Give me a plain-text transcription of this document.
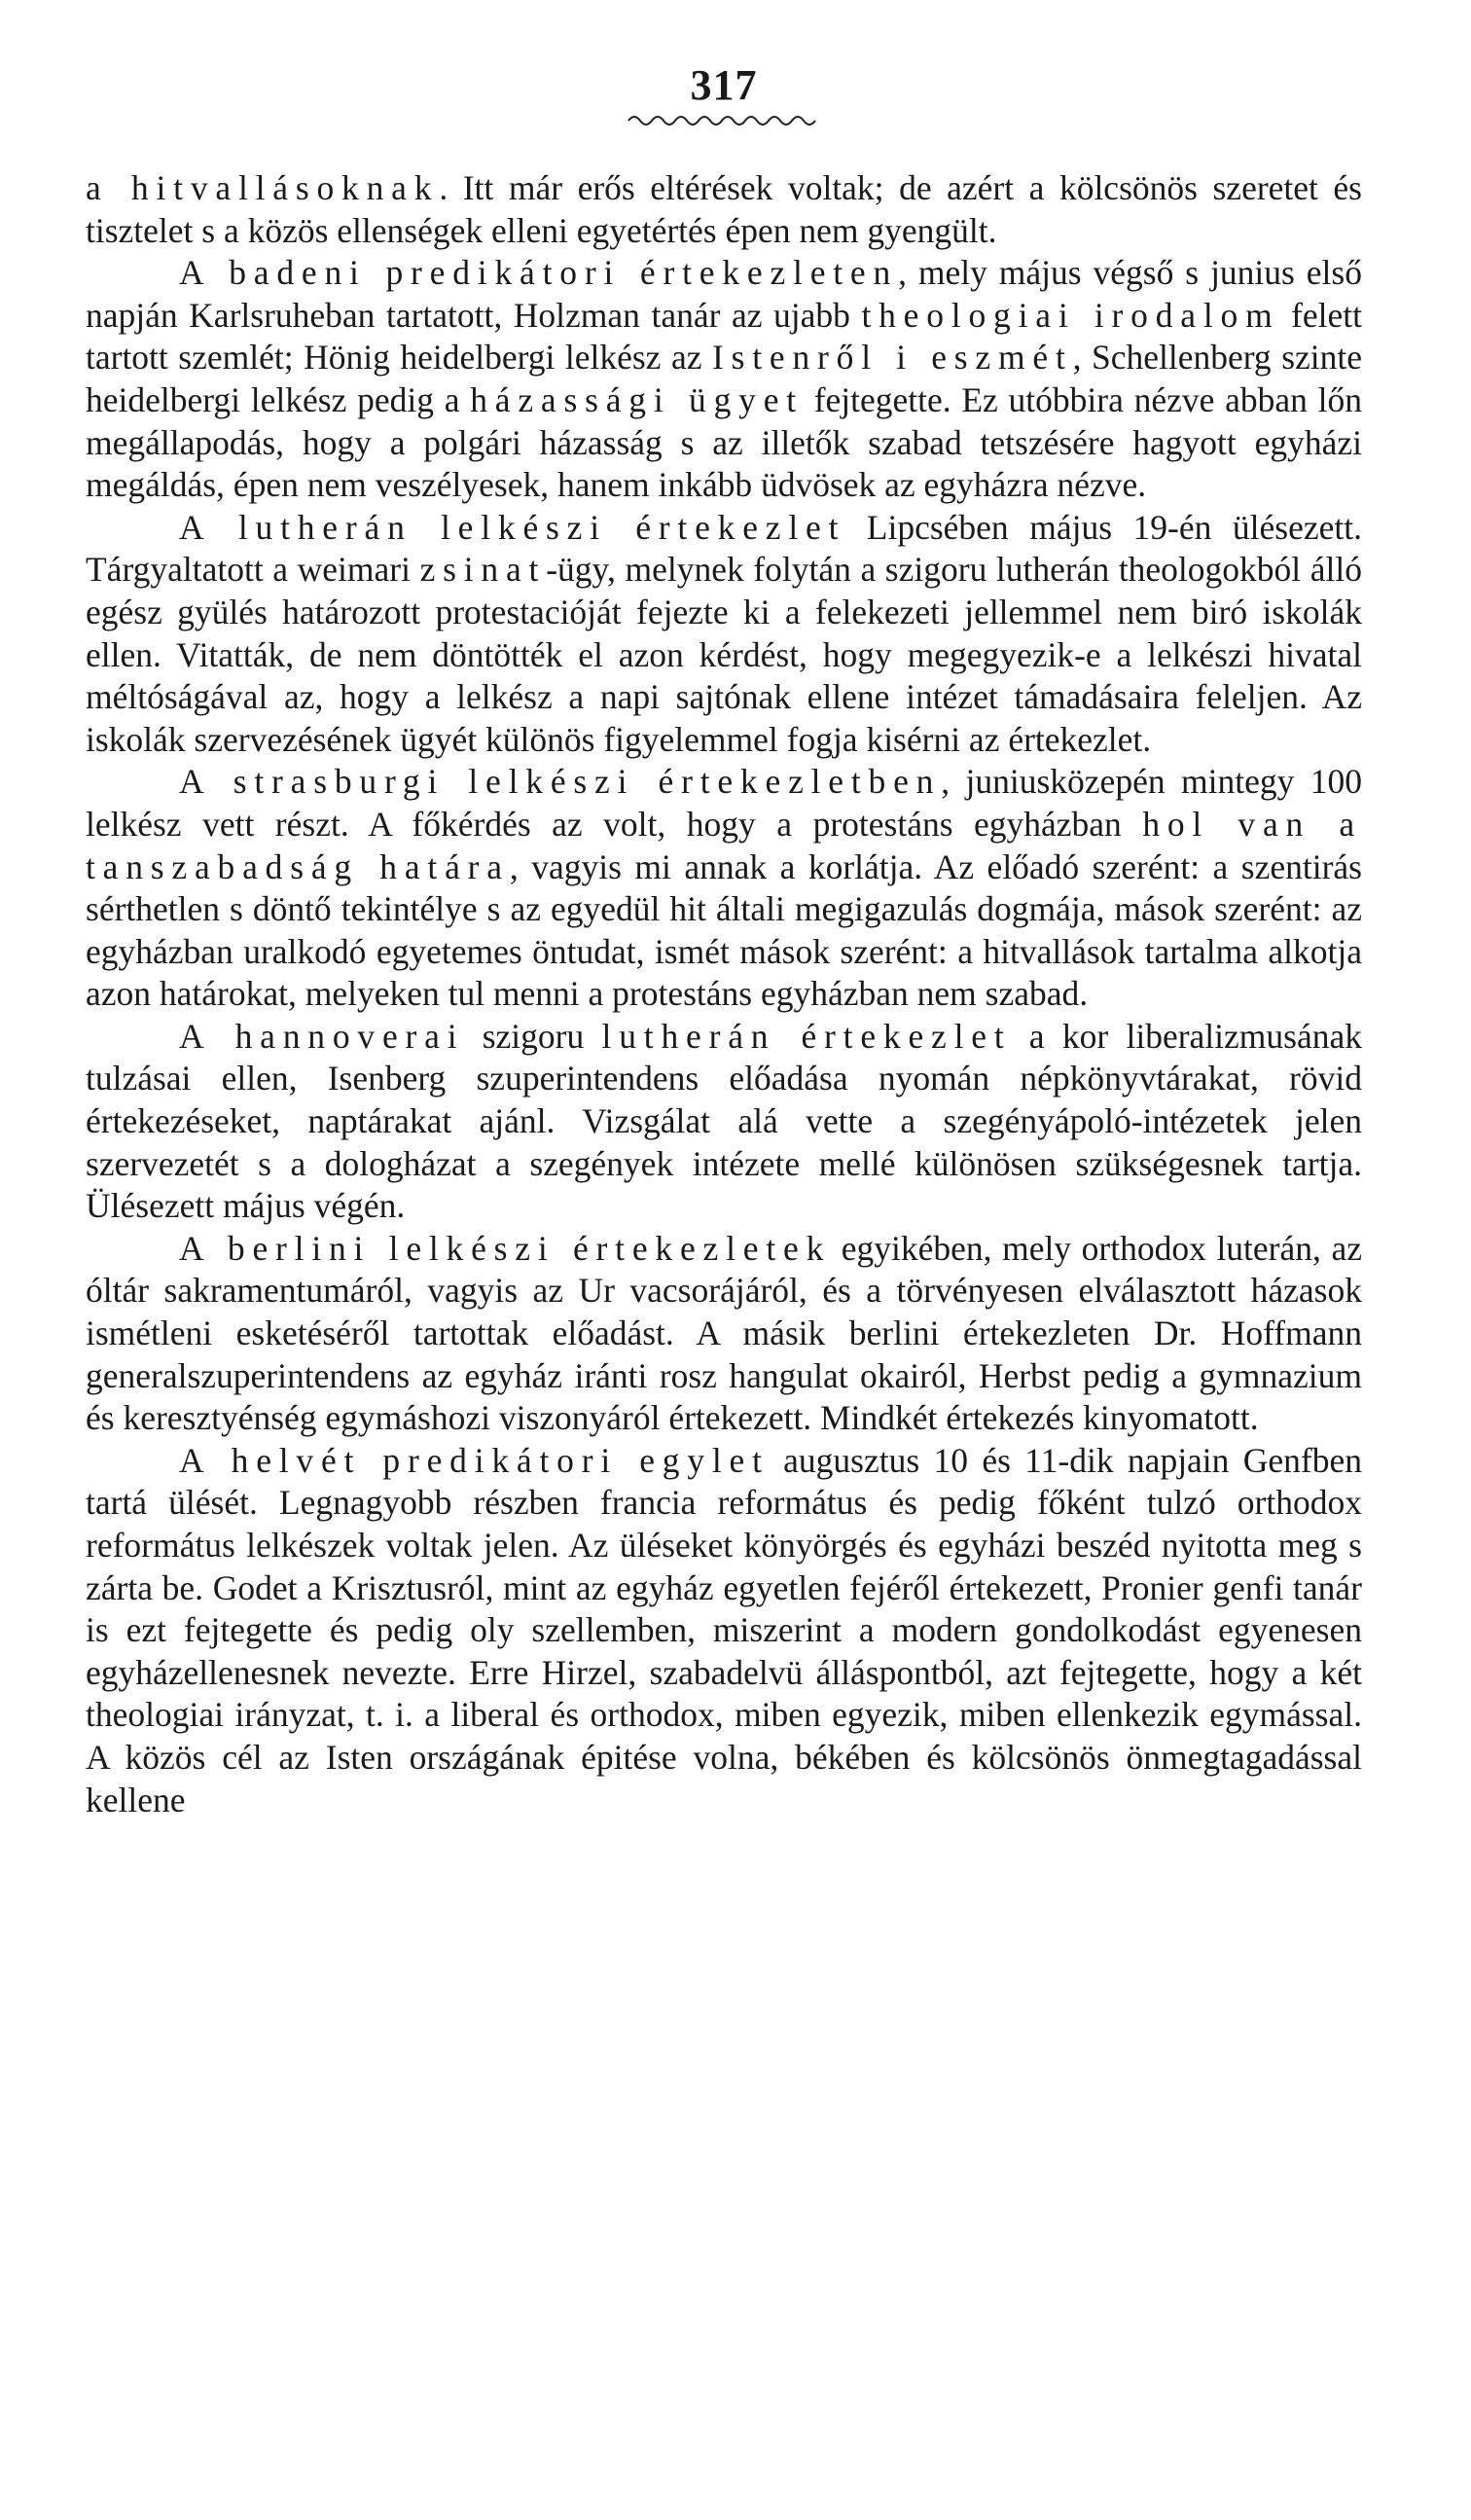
317

a hitvallásoknak. Itt már erős eltérések voltak; de azért a kölcsönös szeretet és tisztelet s a közös ellenségek elleni egyetértés épen nem gyengült.

A badeni predikátori értekezleten, mely május végső s junius első napján Karlsruheban tartatott, Holzman tanár az ujabb theologiai irodalom felett tartott szemlét; Hönig heidelbergi lelkész az Istenről i eszmét, Schellenberg szinte heidelbergi lelkész pedig a házassági ügyet fejtegette. Ez utóbbira nézve abban lőn megállapodás, hogy a polgári házasság s az illetők szabad tetszésére hagyott egyházi megáldás, épen nem veszélyesek, hanem inkább üdvösek az egyházra nézve.

A lutherán lelkészi értekezlet Lipcsében május 19-én ülésezett. Tárgyaltatott a weimari zsinat-ügy, melynek folytán a szigoru lutherán theologokból álló egész gyülés határozott protestacióját fejezte ki a felekezeti jellemmel nem biró iskolák ellen. Vitatták, de nem döntötték el azon kérdést, hogy megegyezik-e a lelkészi hivatal méltóságával az, hogy a lelkész a napi sajtónak ellene intézet támadásaira feleljen. Az iskolák szervezésének ügyét különös figyelemmel fogja kisérni az értekezlet.

A strasburgi lelkészi értekezletben, juniusközepén mintegy 100 lelkész vett részt. A főkérdés az volt, hogy a protestáns egyházban hol van a tanszabadság határa, vagyis mi annak a korlátja. Az előadó szerént: a szentirás sérthetlen s döntő tekintélye s az egyedül hit általi megigazulás dogmája, mások szerént: az egyházban uralkodó egyetemes öntudat, ismét mások szerént: a hitvallások tartalma alkotja azon határokat, melyeken tul menni a protestáns egyházban nem szabad.

A hannoverai szigoru lutherán értekezlet a kor liberalizmusának tulzásai ellen, Isenberg szuperintendens előadása nyomán népkönyvtárakat, rövid értekezéseket, naptárakat ajánl. Vizsgálat alá vette a szegényápoló-intézetek jelen szervezetét s a dologházat a szegények intézete mellé különösen szükségesnek tartja. Ülésezett május végén.

A berlini lelkészi értekezletek egyikében, mely orthodox luterán, az óltár sakramentumáról, vagyis az Ur vacsorájáról, és a törvényesen elválasztott házasok ismétleni esketéséről tartottak előadást. A másik berlini értekezleten Dr. Hoffmann generalszuperintendens az egyház iránti rosz hangulat okairól, Herbst pedig a gymnazium és keresztyénség egymáshozi viszonyáról értekezett. Mindkét értekezés kinyomatott.

A helvét predikátori egylet augusztus 10 és 11-dik napjain Genfben tartá ülését. Legnagyobb részben francia református és pedig főként tulzó orthodox református lelkészek voltak jelen. Az üléseket könyörgés és egyházi beszéd nyitotta meg s zárta be. Godet a Krisztusról, mint az egyház egyetlen fejéről értekezett, Pronier genfi tanár is ezt fejtegette és pedig oly szellemben, miszerint a modern gondolkodást egyenesen egyházellenesnek nevezte. Erre Hirzel, szabadelvü álláspontból, azt fejtegette, hogy a két theologiai irányzat, t. i. a liberal és orthodox, miben egyezik, miben ellenkezik egymással. A közös cél az Isten országának épitése volna, békében és kölcsönös önmegtagadással kellene
